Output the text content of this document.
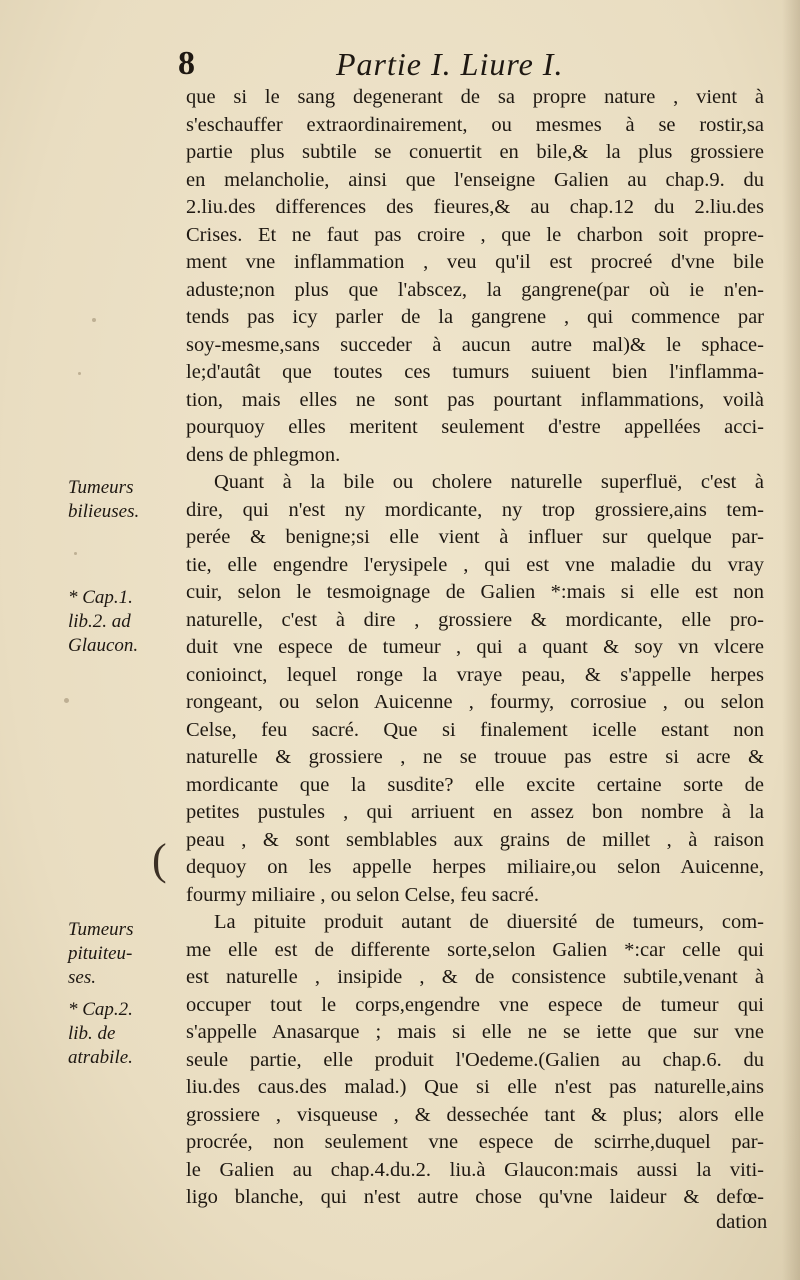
8	Partie I. Liure I.
que si le sang degenerant de sa propre nature , vient à
s'eschauffer extraordinairement, ou mesmes à se rostir,sa
partie plus subtile se conuertit en bile,& la plus grossiere
en melancholie, ainsi que l'enseigne Galien au chap.9. du
2.liu.des differences des fieures,& au chap.12 du 2.liu.des
Crises. Et ne faut pas croire , que le charbon soit propre-
ment vne inflammation , veu qu'il est procreé d'vne bile
aduste;non plus que l'abscez, la gangrene(par où ie n'en-
tends pas icy parler de la gangrene , qui commence par
soy-mesme,sans succeder à aucun autre mal)& le sphace-
le;d'autât que toutes ces tumurs suiuent bien l'inflamma-
tion, mais elles ne sont pas pourtant inflammations, voilà
pourquoy elles meritent seulement d'estre appellées acci-
dens de phlegmon.
Quant à la bile ou cholere naturelle superfluë, c'est à
dire, qui n'est ny mordicante, ny trop grossiere,ains tem-
perée & benigne;si elle vient à influer sur quelque par-
tie, elle engendre l'erysipele , qui est vne maladie du vray
cuir, selon le tesmoignage de Galien *:mais si elle est non
naturelle, c'est à dire , grossiere & mordicante, elle pro-
duit vne espece de tumeur , qui a quant & soy vn vlcere
conioinct, lequel ronge la vraye peau, & s'appelle herpes
rongeant, ou selon Auicenne , fourmy, corrosiue , ou selon
Celse, feu sacré. Que si finalement icelle estant non
naturelle & grossiere , ne se trouue pas estre si acre &
mordicante que la susdite? elle excite certaine sorte de
petites pustules , qui arriuent en assez bon nombre à la
peau , & sont semblables aux grains de millet , à raison
dequoy on les appelle herpes miliaire,ou selon Auicenne,
fourmy miliaire , ou selon Celse, feu sacré.
La pituite produit autant de diuersité de tumeurs, com-
me elle est de differente sorte,selon Galien *:car celle qui
est naturelle , insipide , & de consistence subtile,venant à
occuper tout le corps,engendre vne espece de tumeur qui
s'appelle Anasarque ; mais si elle ne se iette que sur vne
seule partie, elle produit l'Oedeme.(Galien au chap.6. du
liu.des caus.des malad.) Que si elle n'est pas naturelle,ains
grossiere , visqueuse , & dessechée tant & plus; alors elle
procrée, non seulement vne espece de scirrhe,duquel par-
le Galien au chap.4.du.2. liu.à Glaucon:mais aussi la viti-
ligo blanche, qui n'est autre chose qu'vne laideur & defœ-
dation
Tumeurs
bilieuses.
* Cap.1.
lib.2. ad
Glaucon.
Tumeurs
pituiteu-
ses.
* Cap.2.
lib. de
atrabile.
(
